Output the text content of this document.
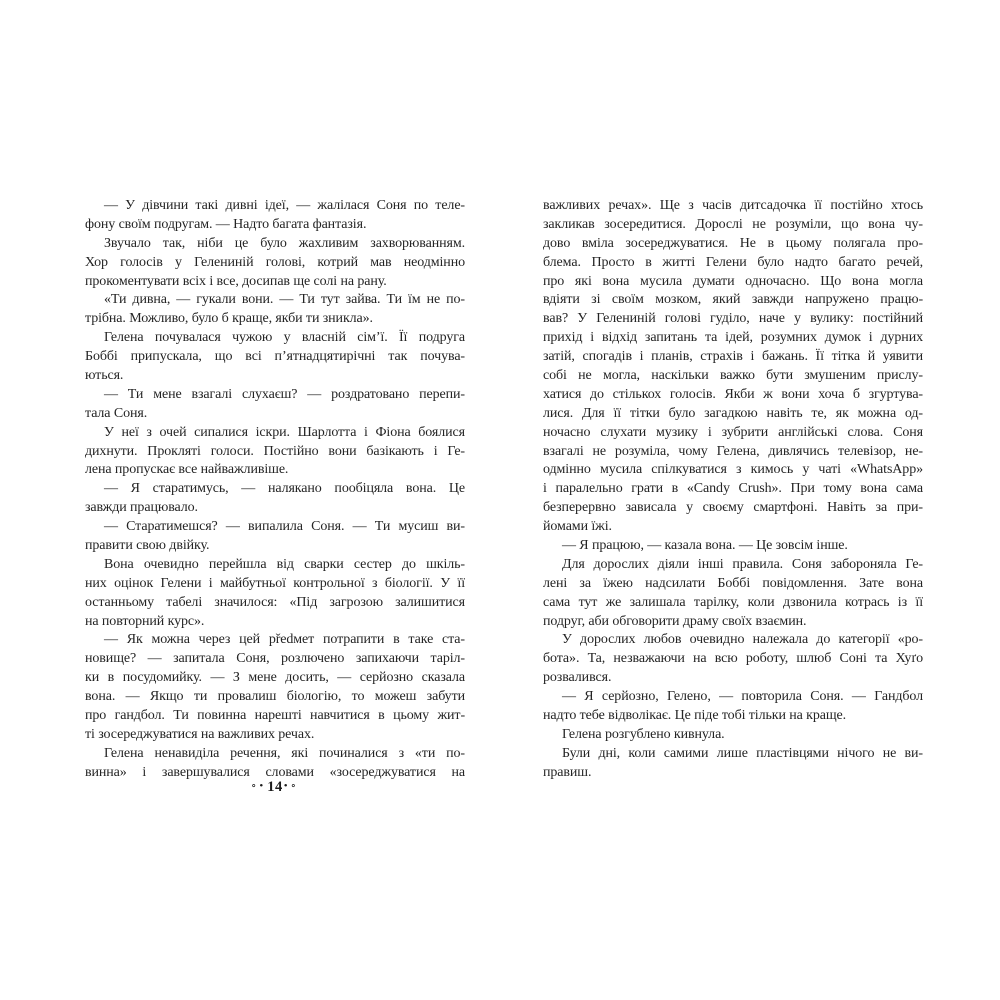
— У дівчини такі дивні ідеї, — жалілася Соня по теле-
фону своїм подругам. — Надто багата фантазія.
Звучало так, ніби це було жахливим захворюванням.
Хор голосів у Гелениній голові, котрий мав неодмінно
прокоментувати всіх і все, досипав ще солі на рану.
«Ти дивна, — гукали вони. — Ти тут зайва. Ти їм не по-
трібна. Можливо, було б краще, якби ти зникла».
Гелена почувалася чужою у власній сім’ї. Її подруга
Боббі припускала, що всі п’ятнадцятирічні так почува-
ються.
— Ти мене взагалі слухаєш? — роздратовано перепи-
тала Соня.
У неї з очей сипалися іскри. Шарлотта і Фіона боялися
дихнути. Прокляті голоси. Постійно вони базікають і Ге-
лена пропускає все найважливіше.
— Я старатимусь, — налякано пообіцяла вона. Це
завжди працювало.
— Старатимешся? — випалила Соня. — Ти мусиш ви-
правити свою двійку.
Вона очевидно перейшла від сварки сестер до шкіль-
них оцінок Гелени і майбутньої контрольної з біології. У її
останньому табелі значилося: «Під загрозою залишитися
на повторний курс».
— Як можна через цей předмет потрапити в таке ста-
новище? — запитала Соня, розлючено запихаючи таріл-
ки в посудомийку. — З мене досить, — серйозно сказала
вона. — Якщо ти провалиш біологію, то можеш забути
про гандбол. Ти повинна нарешті навчитися в цьому жит-
ті зосереджуватися на важливих речах.
Гелена ненавиділа речення, які починалися з «ти по-
винна» і завершувалися словами «зосереджуватися на
важливих речах». Ще з часів дитсадочка її постійно хтось
закликав зосередитися. Дорослі не розуміли, що вона чу-
дово вміла зосереджуватися. Не в цьому полягала про-
блема. Просто в житті Гелени було надто багато речей,
про які вона мусила думати одночасно. Що вона могла
вдіяти зі своїм мозком, який завжди напружено працю-
вав? У Гелениній голові гуділо, наче у вулику: постійний
прихід і відхід запитань та ідей, розумних думок і дурних
затій, спогадів і планів, страхів і бажань. Її тітка й уявити
собі не могла, наскільки важко бути змушеним прислу-
хатися до стількох голосів. Якби ж вони хоча б згуртува-
лися. Для її тітки було загадкою навіть те, як можна од-
ночасно слухати музику і зубрити англійські слова. Соня
взагалі не розуміла, чому Гелена, дивлячись телевізор, не-
одмінно мусила спілкуватися з кимось у чаті «WhatsApp»
і паралельно грати в «Candy Crush». При тому вона сама
безперервно зависала у своєму смартфоні. Навіть за при-
йомами їжі.
— Я працюю, — казала вона. — Це зовсім інше.
Для дорослих діяли інші правила. Соня забороняла Ге-
лені за їжею надсилати Боббі повідомлення. Зате вона
сама тут же залишала тарілку, коли дзвонила котрась із її
подруг, аби обговорити драму своїх взаємин.
У дорослих любов очевидно належала до категорії «ро-
бота». Та, незважаючи на всю роботу, шлюб Соні та Хуґо
розвалився.
— Я серйозно, Гелено, — повторила Соня. — Гандбол
надто тебе відволікає. Це піде тобі тільки на краще.
Гелена розгублено кивнула.
Були дні, коли самими лише пластівцями нічого не ви-
правиш.
∘•14•∘
